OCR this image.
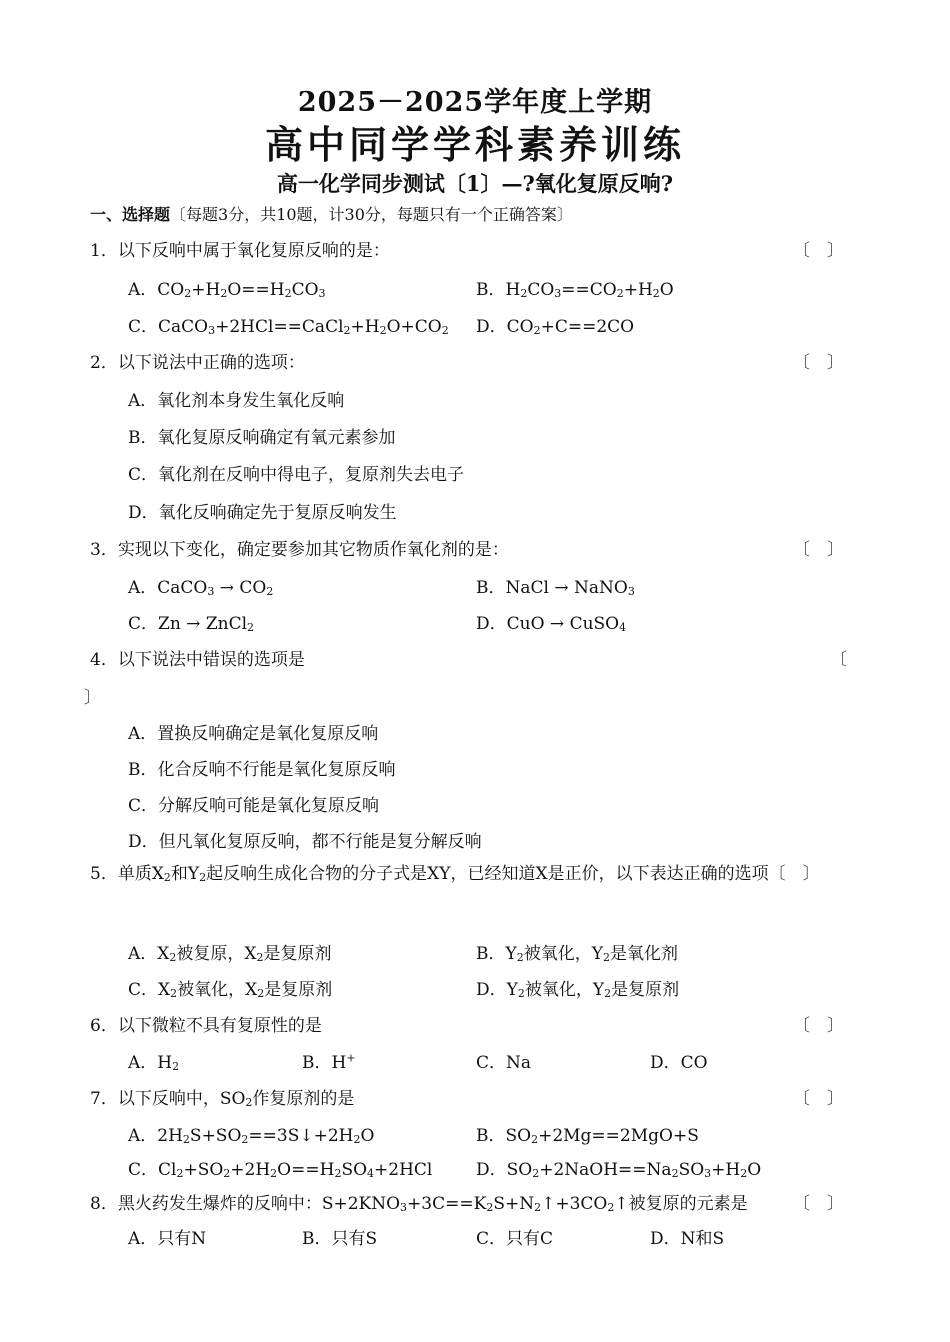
2025－2025学年度上学期
高中同学学科素养训练
高一化学同步测试〔1〕—?氧化复原反响?
一、选择题〔每题3分，共10题，计30分，每题只有一个正确答案〕
1．以下反响中属于氧化复原反响的是：	〔　〕
A．$CO_2+H_2O==H_2CO_3$	B．$H_2CO_3==CO_2+H_2O$
C．$CaCO_3+2HCl==CaCl_2+H_2O+CO_2$ D．$CO_2+C==2CO$
2．以下说法中正确的选项：	〔　〕
A．氧化剂本身发生氧化反响
B．氧化复原反响确定有氧元素参加
C．氧化剂在反响中得电子，复原剂失去电子
D．氧化反响确定先于复原反响发生
3．实现以下变化，确定要参加其它物质作氧化剂的是：	〔　〕
A．CaCO$_3$ → $CO_2$	B．NaCl → NaNO$_3$
C．Zn → ZnCl$_2$	D．CuO → CuSO$_4$
4．以下说法中错误的选项是	〔
〕
A．置换反响确定是氧化复原反响
B．化合反响不行能是氧化复原反响
C．分解反响可能是氧化复原反响
D．但凡氧化复原反响，都不行能是复分解反响
5．单质$X_2$和$Y_2$起反响生成化合物的分子式是XY，已经知道X是正价，以下表达正确的选项〔　〕
A．$X_2$被复原，$X_2$是复原剂	B．$Y_2$被氧化，$Y_2$是氧化剂
C．$X_2$被氧化，$X_2$是复原剂	D．$Y_2$被氧化，$Y_2$是复原剂
6．以下微粒不具有复原性的是	〔　〕
A．$H_2$	B．H+	C．Na	D．CO
7．以下反响中，$SO_2$作复原剂的是	〔　〕
A．$2H_2S+SO_2==3S↓+2H_2O$	B．$SO_2+2Mg==2MgO+S$
C．$Cl_2+SO_2+2H_2O==H_2SO_4+2HCl$	D．$SO_2+2NaOH==Na_2SO_3+H_2O$
8．黑火药发生爆炸的反响中：$S+2KNO_3+3C==K_2S+N_2↑+3CO_2↑$被复原的元素是	〔　〕
A．只有N	B．只有S	C．只有C	D．N和S
